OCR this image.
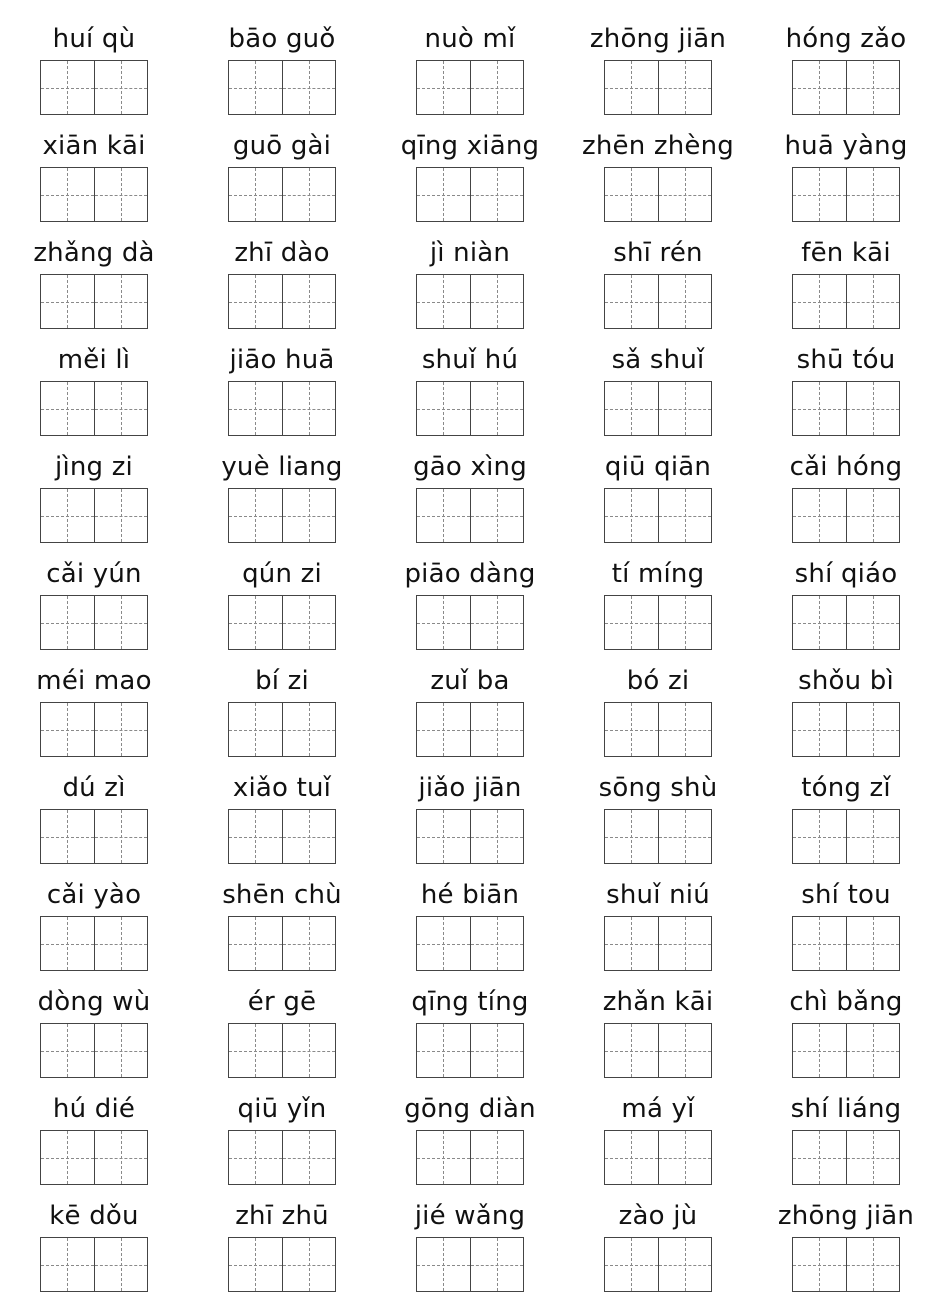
huí qù	bāo guǒ	nuò mǐ	zhōng jiān	hóng zǎo
xiān kāi	guō gài	qīng xiāng	zhēn zhèng	huā yàng
zhǎng dà	zhī dào	jì niàn	shī rén	fēn kāi
měi lì	jiāo huā	shuǐ hú	sǎ shuǐ	shū tóu
jìng zi	yuè liang	gāo xìng	qiū qiān	cǎi hóng
cǎi yún	qún zi	piāo dàng	tí míng	shí qiáo
méi mao	bí zi	zuǐ ba	bó zi	shǒu bì
dú zì	xiǎo tuǐ	jiǎo jiān	sōng shù	tóng zǐ
cǎi yào	shēn chù	hé biān	shuǐ niú	shí tou
dòng wù	ér gē	qīng tíng	zhǎn kāi	chì bǎng
hú dié	qiū yǐn	gōng diàn	má yǐ	shí liáng
kē dǒu	zhī zhū	jié wǎng	zào jù	zhōng jiān
